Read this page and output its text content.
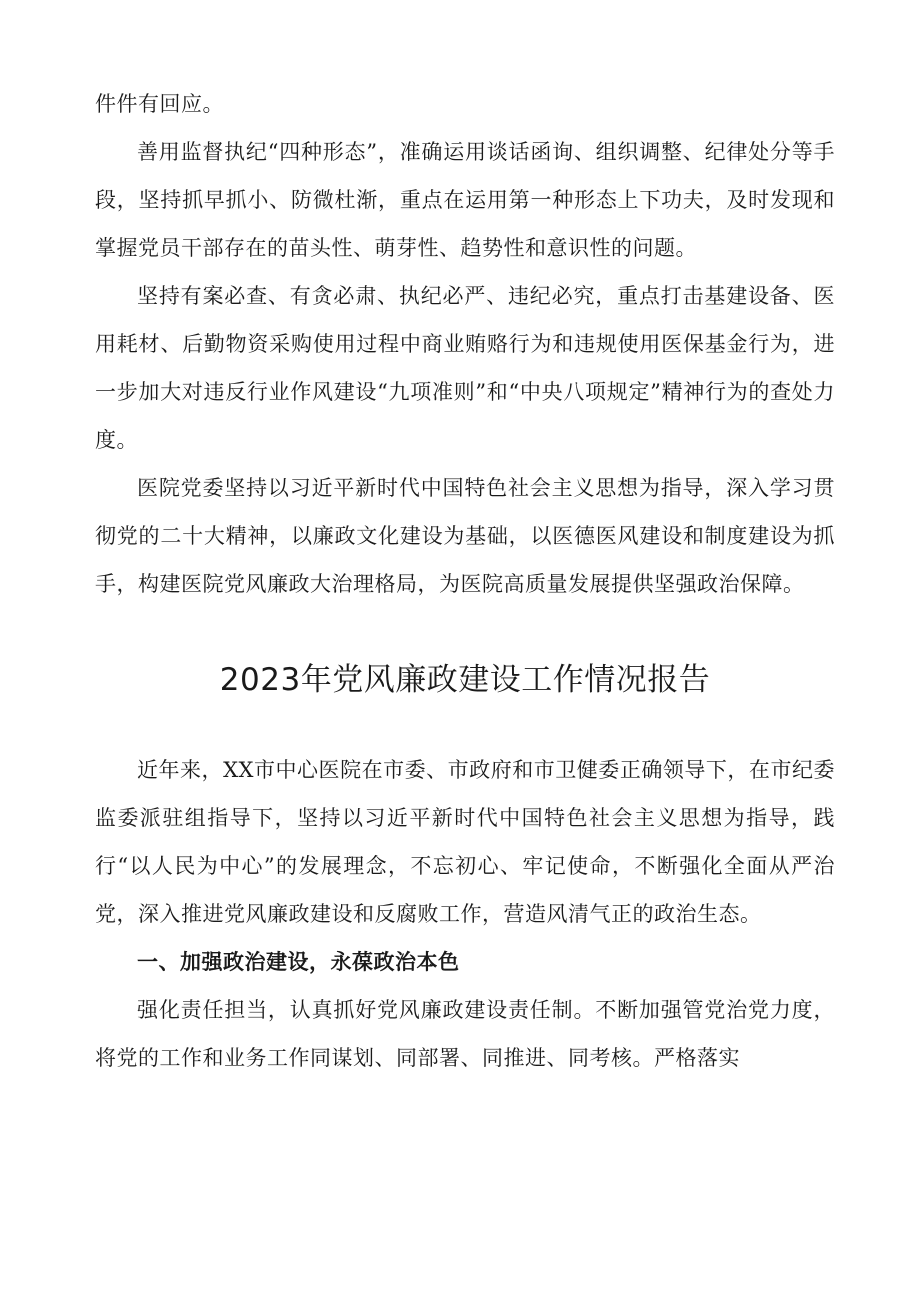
件件有回应。

善用监督执纪“四种形态”，准确运用谈话函询、组织调整、纪律处分等手段，坚持抓早抓小、防微杜渐，重点在运用第一种形态上下功夫，及时发现和掌握党员干部存在的苗头性、萌芽性、趋势性和意识性的问题。

坚持有案必查、有贪必肃、执纪必严、违纪必究，重点打击基建设备、医用耗材、后勤物资采购使用过程中商业贿赂行为和违规使用医保基金行为，进一步加大对违反行业作风建设“九项准则”和“中央八项规定”精神行为的查处力度。

医院党委坚持以习近平新时代中国特色社会主义思想为指导，深入学习贯彻党的二十大精神，以廉政文化建设为基础，以医德医风建设和制度建设为抓手，构建医院党风廉政大治理格局，为医院高质量发展提供坚强政治保障。

2023年党风廉政建设工作情况报告

近年来，XX市中心医院在市委、市政府和市卫健委正确领导下，在市纪委监委派驻组指导下，坚持以习近平新时代中国特色社会主义思想为指导，践行“以人民为中心”的发展理念，不忘初心、牢记使命，不断强化全面从严治党，深入推进党风廉政建设和反腐败工作，营造风清气正的政治生态。

一、加强政治建设，永葆政治本色

强化责任担当，认真抓好党风廉政建设责任制。不断加强管党治党力度，将党的工作和业务工作同谋划、同部署、同推进、同考核。严格落实
